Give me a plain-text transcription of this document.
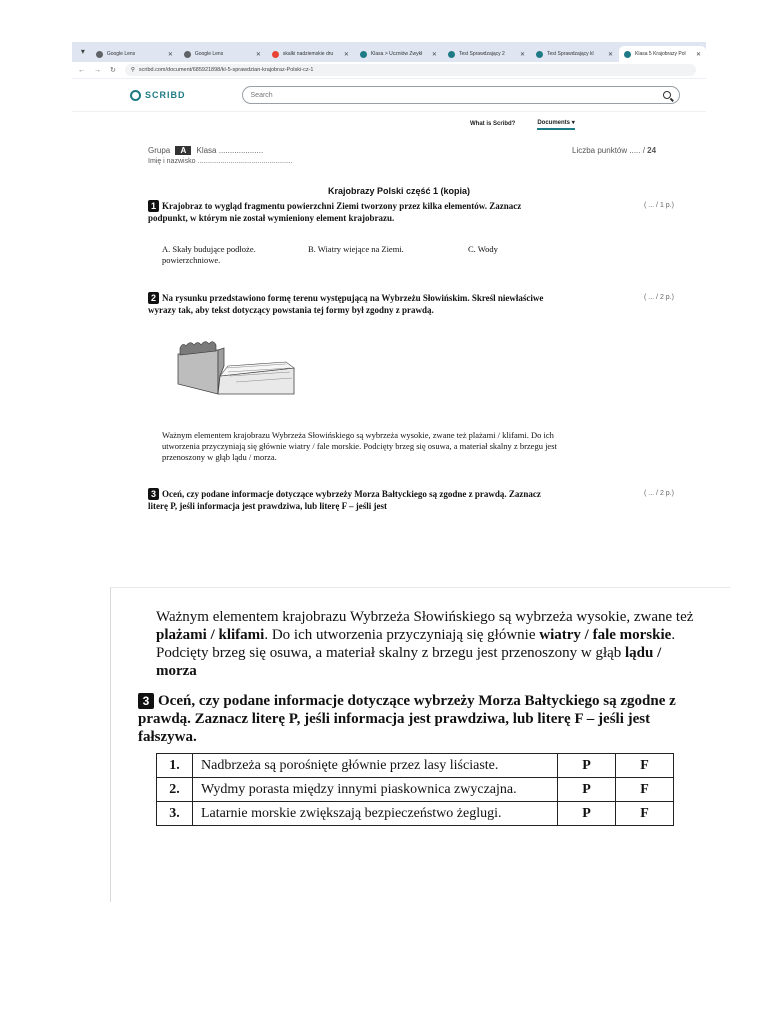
▾	Google Lens	✕	Google Lens	✕	skalki nadziemskie dru	✕	Klasa > Uczniów Zwykł	✕	Test Sprawdzający 2	✕	Test Sprawdzający kl	✕	Klasa 5 Krajobrazy Pol	✕
← → ↻	⚲ scribd.com/document/685921898/kl-5-sprawdzian-krajobraz-Polski-cz-1
SCRIBD	Search
What is Scribd?	Documents ▾
Grupa A Klasa ....................
Imię i nazwisko .................................................
Liczba punktów ..... / 24
Krajobrazy Polski część 1 (kopia)
1 Krajobraz to wygląd fragmentu powierzchni Ziemi tworzony przez kilka elementów. Zaznacz podpunkt, w którym nie został wymieniony element krajobrazu.
( ... / 1 p.)
A. Skały budujące podłoże.	B. Wiatry wiejące na Ziemi.	C. Wody
powierzchniowe.
2 Na rysunku przedstawiono formę terenu występującą na Wybrzeżu Słowińskim. Skreśl niewłaściwe wyrazy tak, aby tekst dotyczący powstania tej formy był zgodny z prawdą.
( ... / 2 p.)
Ważnym elementem krajobrazu Wybrzeża Słowińskiego są wybrzeża wysokie, zwane też plażami / klifami. Do ich utworzenia przyczyniają się głównie wiatry / fale morskie. Podcięty brzeg się osuwa, a materiał skalny z brzegu jest przenoszony w głąb lądu / morza.
3 Oceń, czy podane informacje dotyczące wybrzeży Morza Bałtyckiego są zgodne z prawdą. Zaznacz literę P, jeśli informacja jest prawdziwa, lub literę F – jeśli jest
( ... / 2 p.)
Ważnym elementem krajobrazu Wybrzeża Słowińskiego są wybrzeża wysokie, zwane też
plażami / klifami. Do ich utworzenia przyczyniają się głównie wiatry / fale morskie.
Podcięty brzeg się osuwa, a materiał skalny z brzegu jest przenoszony w głąb lądu /
morza
3 Oceń, czy podane informacje dotyczące wybrzeży Morza Bałtyckiego są zgodne z prawdą. Zaznacz literę P, jeśli informacja jest prawdziwa, lub literę F – jeśli jest fałszywa.
1.	Nadbrzeża są porośnięte głównie przez lasy liściaste.	P	F
2.	Wydmy porasta między innymi piaskownica zwyczajna.	P	F
3.	Latarnie morskie zwiększają bezpieczeństwo żeglugi.	P	F
